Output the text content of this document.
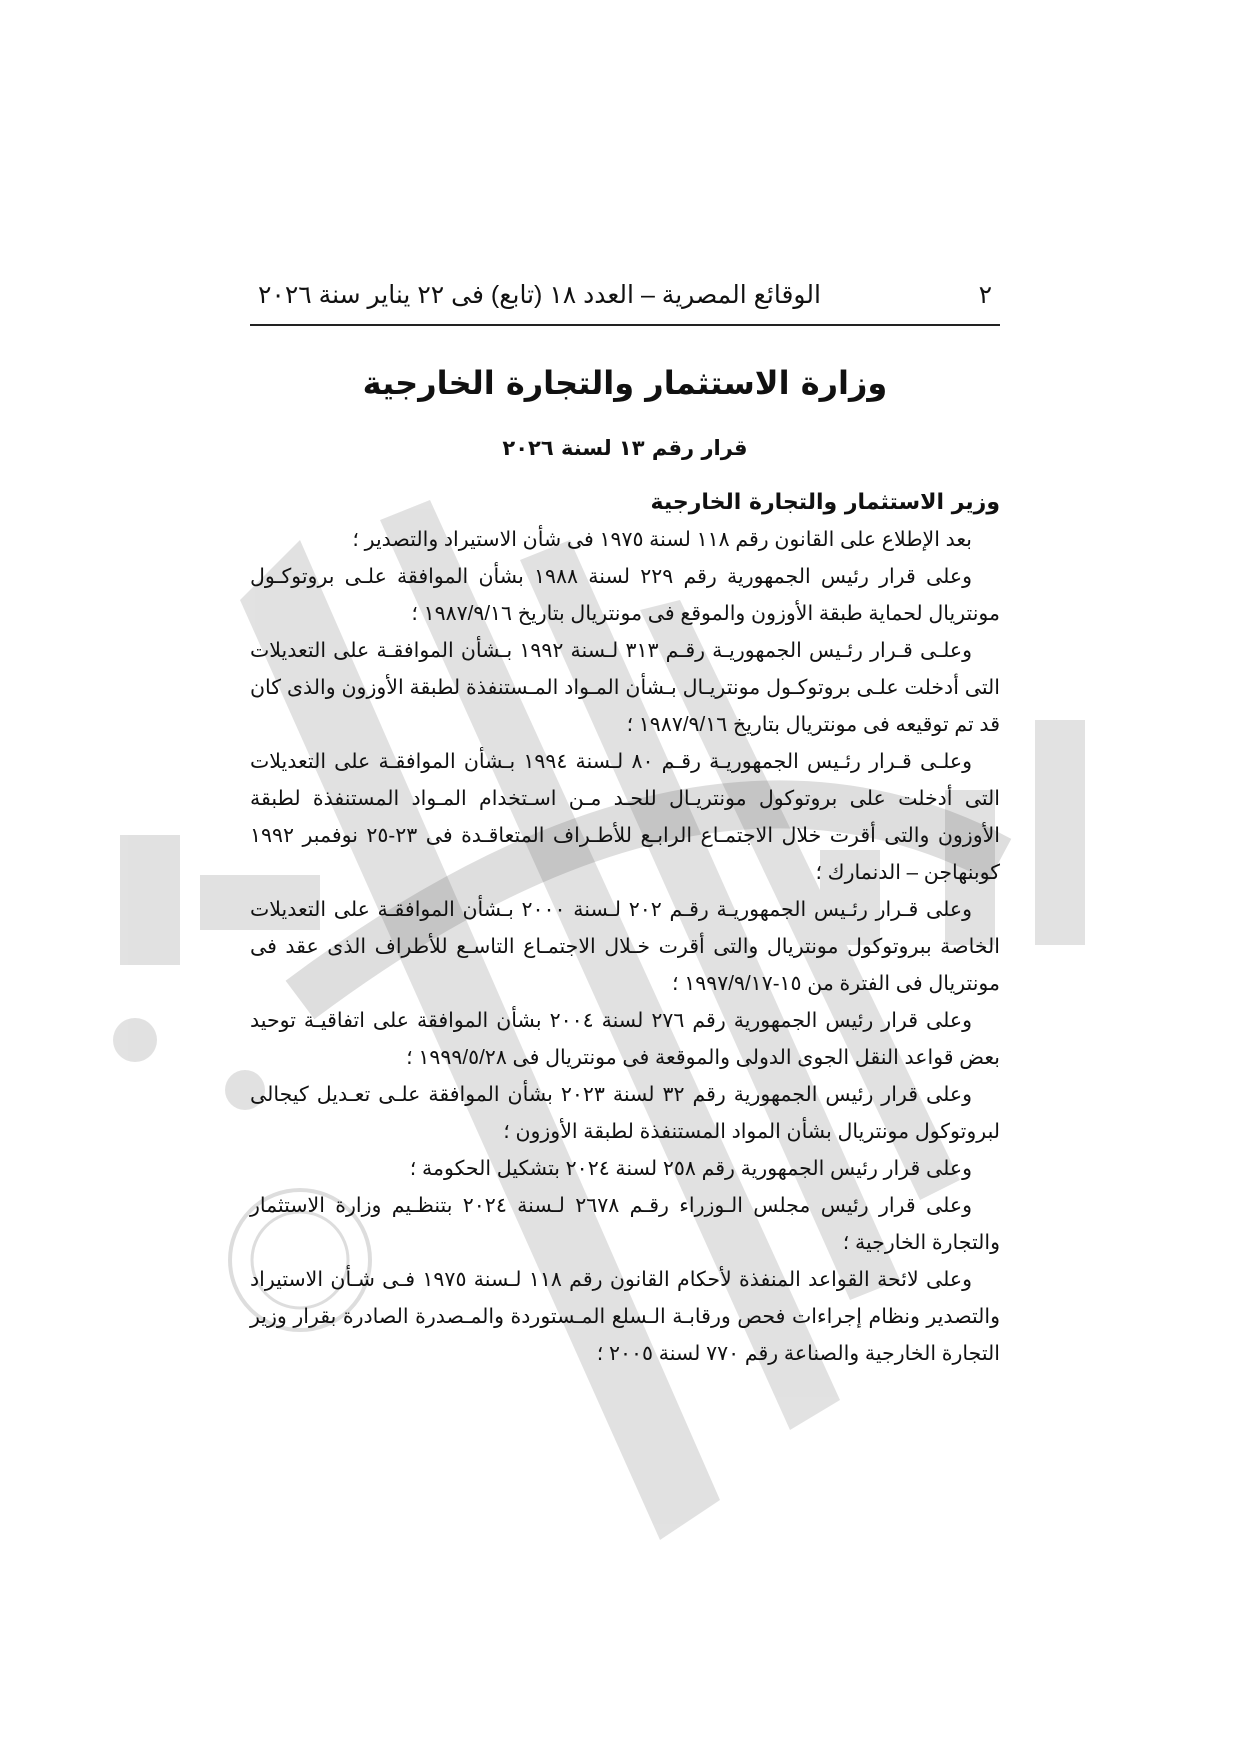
٢
الوقائع المصرية – العدد ١٨ (تابع) فى ٢٢ يناير سنة ٢٠٢٦
وزارة الاستثمار والتجارة الخارجية
قرار رقم ١٣ لسنة ٢٠٢٦
وزير الاستثمار والتجارة الخارجية

بعد الإطلاع على القانون رقم ١١٨ لسنة ١٩٧٥ فى شأن الاستيراد والتصدير ؛

وعلى قرار رئيس الجمهورية رقم ٢٢٩ لسنة ١٩٨٨ بشأن الموافقة علـى بروتوكـول مونتريال لحماية طبقة الأوزون والموقع فى مونتريال بتاريخ ١٩٨٧/٩/١٦ ؛

وعلـى قـرار رئـيس الجمهوريـة رقـم ٣١٣ لـسنة ١٩٩٢ بـشأن الموافقـة على التعديلات التى أدخلت علـى بروتوكـول مونتريـال بـشأن المـواد المـستنفذة لطبقة الأوزون والذى كان قد تم توقيعه فى مونتريال بتاريخ ١٩٨٧/٩/١٦ ؛

وعلـى قـرار رئـيس الجمهوريـة رقـم ٨٠ لـسنة ١٩٩٤ بـشأن الموافقـة على التعديلات التى أدخلت على بروتوكول مونتريـال للحـد مـن اسـتخدام المـواد المستنفذة لطبقة الأوزون والتى أقرت خلال الاجتمـاع الرابـع للأطـراف المتعاقـدة فى ٢٣-٢٥ نوفمبر ١٩٩٢ كوبنهاجن – الدنمارك ؛

وعلى قـرار رئـيس الجمهوريـة رقـم ٢٠٢ لـسنة ٢٠٠٠ بـشأن الموافقـة على التعديلات الخاصة ببروتوكول مونتريال والتى أقرت خـلال الاجتمـاع التاسـع للأطراف الذى عقد فى مونتريال فى الفترة من ١٥-١٩٩٧/٩/١٧ ؛

وعلى قرار رئيس الجمهورية رقم ٢٧٦ لسنة ٢٠٠٤ بشأن الموافقة على اتفاقيـة توحيد بعض قواعد النقل الجوى الدولى والموقعة فى مونتريال فى ١٩٩٩/٥/٢٨ ؛

وعلى قرار رئيس الجمهورية رقم ٣٢ لسنة ٢٠٢٣ بشأن الموافقة علـى تعـديل كيجالى لبروتوكول مونتريال بشأن المواد المستنفذة لطبقة الأوزون ؛

وعلى قرار رئيس الجمهورية رقم ٢٥٨ لسنة ٢٠٢٤ بتشكيل الحكومة ؛

وعلى قرار رئيس مجلس الـوزراء رقـم ٢٦٧٨ لـسنة ٢٠٢٤ بتنظـيم وزارة الاستثمار والتجارة الخارجية ؛

وعلى لائحة القواعد المنفذة لأحكام القانون رقم ١١٨ لـسنة ١٩٧٥ فـى شـأن الاستيراد والتصدير ونظام إجراءات فحص ورقابـة الـسلع المـستوردة والمـصدرة الصادرة بقرار وزير التجارة الخارجية والصناعة رقم ٧٧٠ لسنة ٢٠٠٥ ؛
